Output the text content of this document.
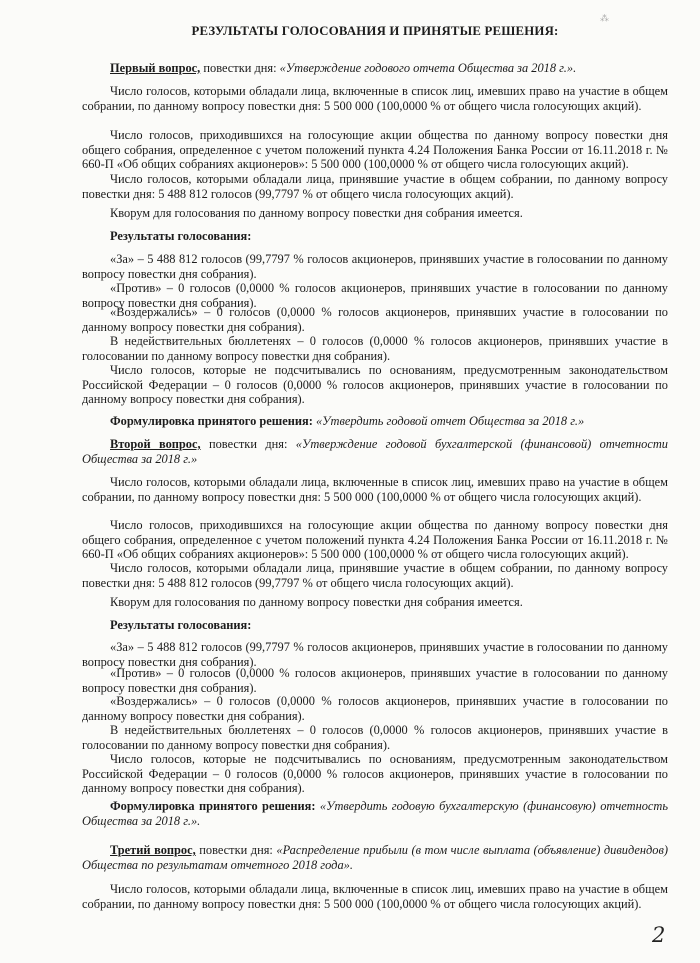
⁂
РЕЗУЛЬТАТЫ ГОЛОСОВАНИЯ И ПРИНЯТЫЕ РЕШЕНИЯ:

Первый вопрос, повестки дня: «Утверждение годового отчета Общества за 2018 г.».

Число голосов, которыми обладали лица, включенные в список лиц, имевших право на участие в общем собрании, по данному вопросу повестки дня: 5 500 000 (100,0000 % от общего числа голосующих акций).

Число голосов, приходившихся на голосующие акции общества по данному вопросу повестки дня общего собрания, определенное с учетом положений пункта 4.24 Положения Банка России от 16.11.2018 г. № 660-П «Об общих собраниях акционеров»: 5 500 000 (100,0000 % от общего числа голосующих акций).

Число голосов, которыми обладали лица, принявшие участие в общем собрании, по данному вопросу повестки дня: 5 488 812 голосов (99,7797 % от общего числа голосующих акций).

Кворум для голосования по данному вопросу повестки дня собрания имеется.

Результаты голосования:

«За» – 5 488 812 голосов (99,7797 % голосов акционеров, принявших участие в голосовании по данному вопросу повестки дня собрания).

«Против» – 0 голосов (0,0000 % голосов акционеров, принявших участие в голосовании по данному вопросу повестки дня собрания).

«Воздержались» – 0 голосов (0,0000 % голосов акционеров, принявших участие в голосовании по данному вопросу повестки дня собрания).

В недействительных бюллетенях – 0 голосов (0,0000 % голосов акционеров, принявших участие в голосовании по данному вопросу повестки дня собрания).

Число голосов, которые не подсчитывались по основаниям, предусмотренным законодательством Российской Федерации – 0 голосов (0,0000 % голосов акционеров, принявших участие в голосовании по данному вопросу повестки дня собрания).

Формулировка принятого решения: «Утвердить годовой отчет Общества за 2018 г.»

Второй вопрос, повестки дня: «Утверждение годовой бухгалтерской (финансовой) отчетности Общества за 2018 г.»

Число голосов, которыми обладали лица, включенные в список лиц, имевших право на участие в общем собрании, по данному вопросу повестки дня: 5 500 000 (100,0000 % от общего числа голосующих акций).

Число голосов, приходившихся на голосующие акции общества по данному вопросу повестки дня общего собрания, определенное с учетом положений пункта 4.24 Положения Банка России от 16.11.2018 г. № 660-П «Об общих собраниях акционеров»: 5 500 000 (100,0000 % от общего числа голосующих акций).

Число голосов, которыми обладали лица, принявшие участие в общем собрании, по данному вопросу повестки дня: 5 488 812 голосов (99,7797 % от общего числа голосующих акций).

Кворум для голосования по данному вопросу повестки дня собрания имеется.

Результаты голосования:

«За» – 5 488 812 голосов (99,7797 % голосов акционеров, принявших участие в голосовании по данному вопросу повестки дня собрания).

«Против» – 0 голосов (0,0000 % голосов акционеров, принявших участие в голосовании по данному вопросу повестки дня собрания).

«Воздержались» – 0 голосов (0,0000 % голосов акционеров, принявших участие в голосовании по данному вопросу повестки дня собрания).

В недействительных бюллетенях – 0 голосов (0,0000 % голосов акционеров, принявших участие в голосовании по данному вопросу повестки дня собрания).

Число голосов, которые не подсчитывались по основаниям, предусмотренным законодательством Российской Федерации – 0 голосов (0,0000 % голосов акционеров, принявших участие в голосовании по данному вопросу повестки дня собрания).

Формулировка принятого решения: «Утвердить годовую бухгалтерскую (финансовую) отчетность Общества за 2018 г.».

Третий вопрос, повестки дня: «Распределение прибыли (в том числе выплата (объявление) дивидендов) Общества по результатам отчетного 2018 года».

Число голосов, которыми обладали лица, включенные в список лиц, имевших право на участие в общем собрании, по данному вопросу повестки дня: 5 500 000 (100,0000 % от общего числа голосующих акций).

2
